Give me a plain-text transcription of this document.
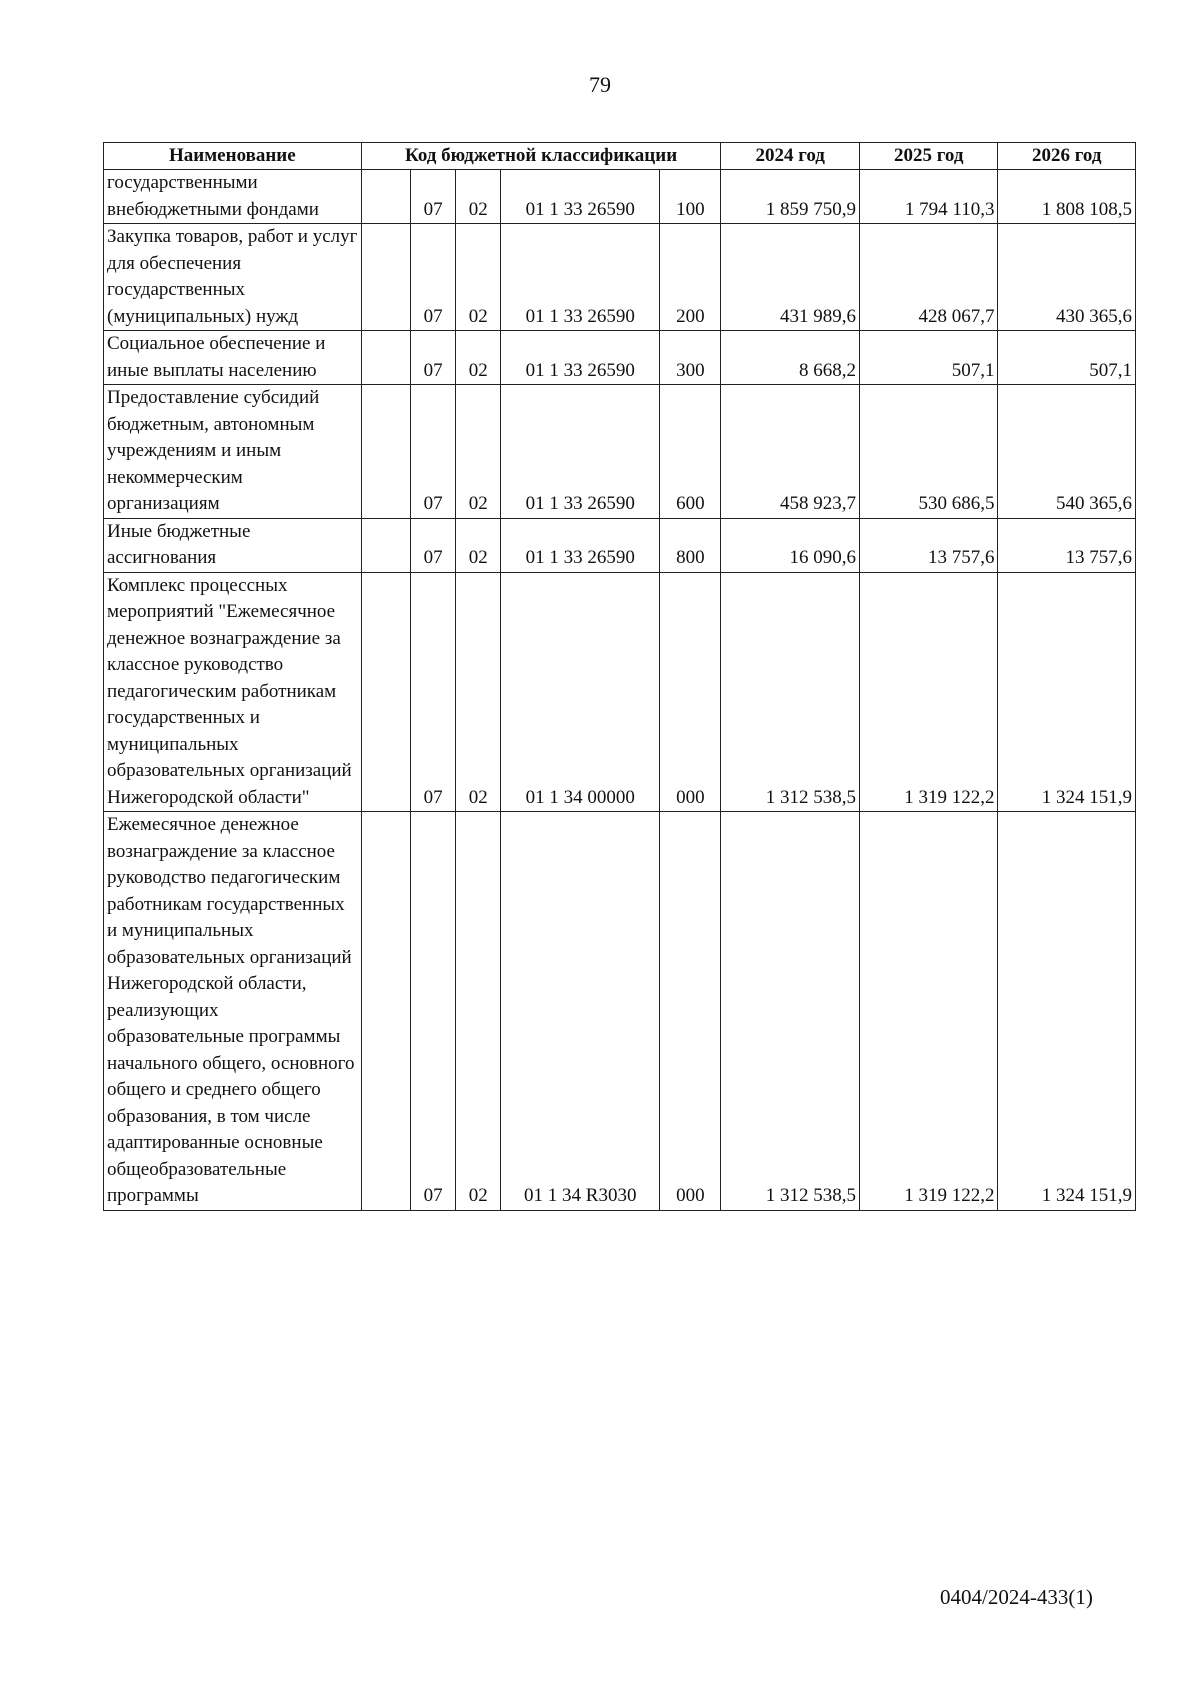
79
Наименование	Код бюджетной классификации					2024 год	2025 год	2026 год
государственными внебюджетными фондами		07	02	01 1 33 26590	100	1 859 750,9	1 794 110,3	1 808 108,5
Закупка товаров, работ и услуг для обеспечения государственных (муниципальных) нужд		07	02	01 1 33 26590	200	431 989,6	428 067,7	430 365,6
Социальное обеспечение и иные выплаты населению		07	02	01 1 33 26590	300	8 668,2	507,1	507,1
Предоставление субсидий бюджетным, автономным учреждениям и иным некоммерческим организациям		07	02	01 1 33 26590	600	458 923,7	530 686,5	540 365,6
Иные бюджетные ассигнования		07	02	01 1 33 26590	800	16 090,6	13 757,6	13 757,6
Комплекс процессных мероприятий "Ежемесячное денежное вознаграждение за классное руководство педагогическим работникам государственных и муниципальных образовательных организаций Нижегородской области"		07	02	01 1 34 00000	000	1 312 538,5	1 319 122,2	1 324 151,9
Ежемесячное денежное вознаграждение за классное руководство педагогическим работникам государственных и муниципальных образовательных организаций Нижегородской области, реализующих образовательные программы начального общего, основного общего и среднего общего образования, в том числе адаптированные основные общеобразовательные программы		07	02	01 1 34 R3030	000	1 312 538,5	1 319 122,2	1 324 151,9
0404/2024-433(1)
